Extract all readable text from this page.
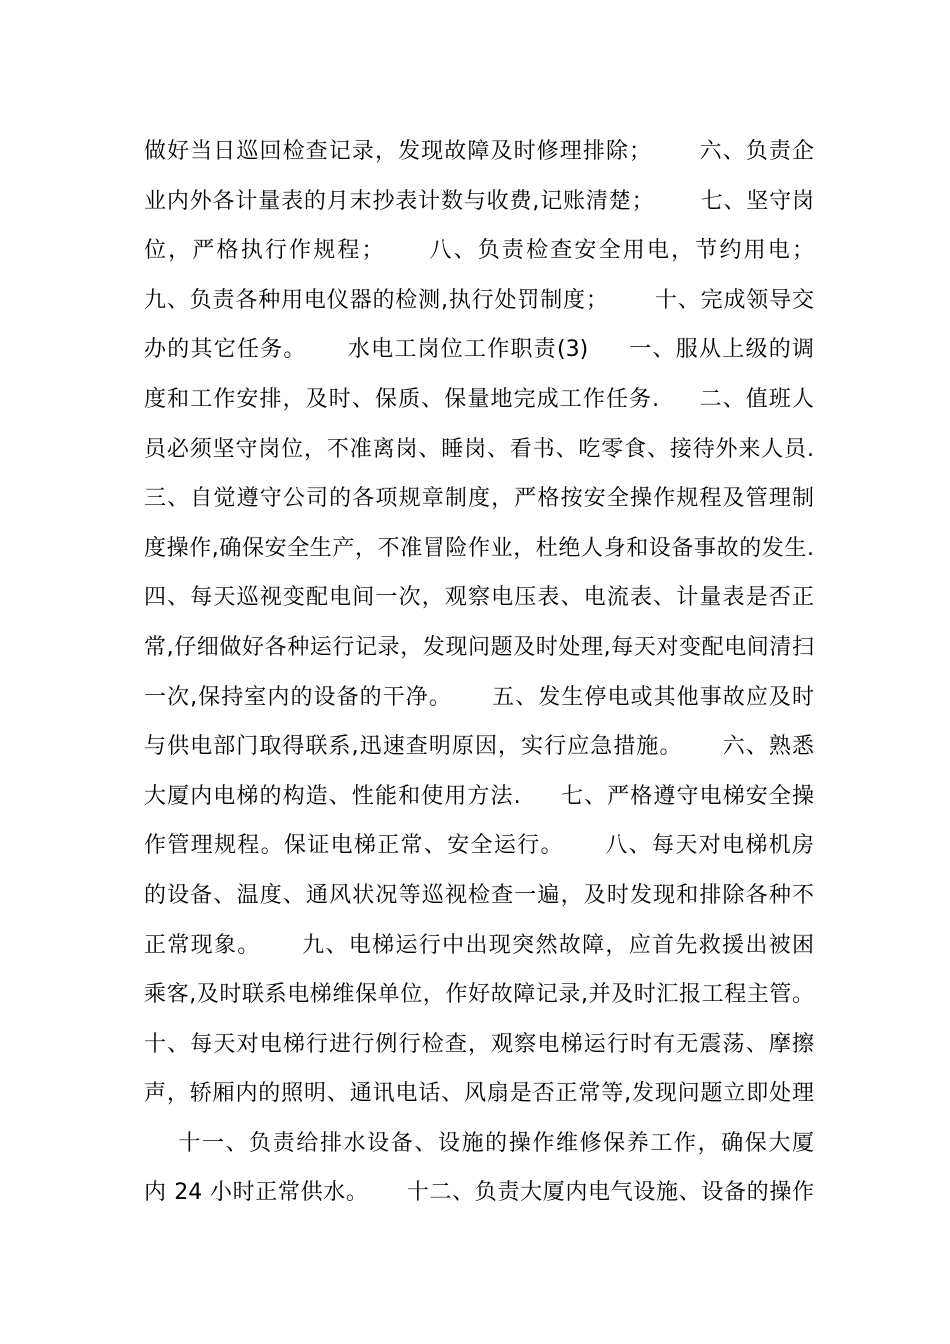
做好当日巡回检查记录，发现故障及时修理排除；      六、负责企
业内外各计量表的月末抄表计数与收费,记账清楚；      七、坚守岗
位，严格执行作规程；     八、负责检查安全用电，节约用电；
九、负责各种用电仪器的检测,执行处罚制度；      十、完成领导交
办的其它任务。     水电工岗位工作职责(3)     一、服从上级的调
度和工作安排，及时、保质、保量地完成工作任务.     二、值班人
员必须坚守岗位，不准离岗、睡岗、看书、吃零食、接待外来人员.
三、自觉遵守公司的各项规章制度，严格按安全操作规程及管理制
度操作,确保安全生产，不准冒险作业，杜绝人身和设备事故的发生.
四、每天巡视变配电间一次，观察电压表、电流表、计量表是否正
常,仔细做好各种运行记录，发现问题及时处理,每天对变配电间清扫
一次,保持室内的设备的干净。     五、发生停电或其他事故应及时
与供电部门取得联系,迅速查明原因，实行应急措施。     六、熟悉
大厦内电梯的构造、性能和使用方法.     七、严格遵守电梯安全操
作管理规程。保证电梯正常、安全运行。     八、每天对电梯机房
的设备、温度、通风状况等巡视检查一遍，及时发现和排除各种不
正常现象。     九、电梯运行中出现突然故障，应首先救援出被困
乘客,及时联系电梯维保单位，作好故障记录,并及时汇报工程主管。
十、每天对电梯行进行例行检查，观察电梯运行时有无震荡、摩擦
声，轿厢内的照明、通讯电话、风扇是否正常等,发现问题立即处理
十一、负责给排水设备、设施的操作维修保养工作，确保大厦
内 24 小时正常供水。     十二、负责大厦内电气设施、设备的操作
